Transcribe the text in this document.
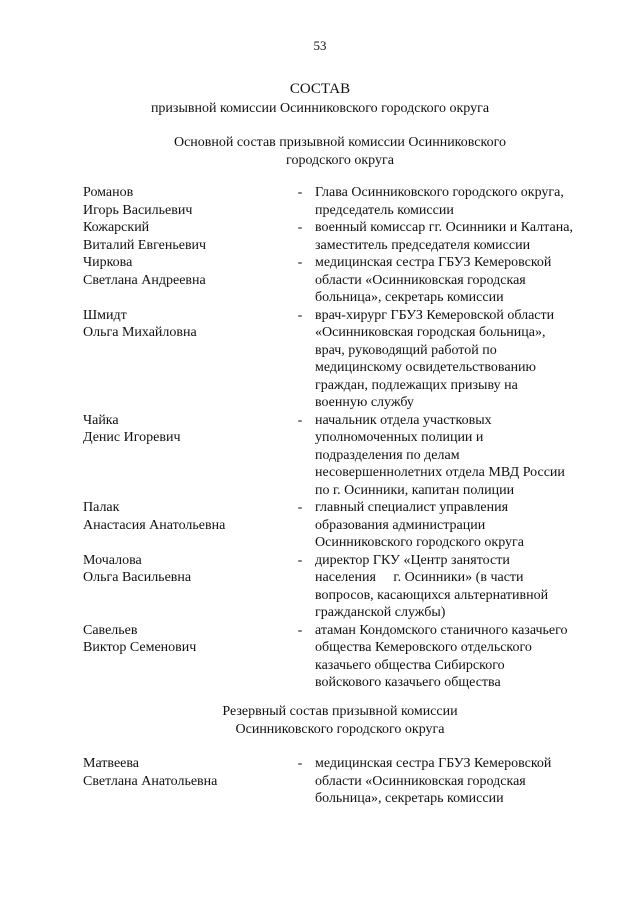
53
СОСТАВ
призывной комиссии Осинниковского городского округа
Основной состав призывной комиссии Осинниковского
городского округа
Романов
Игорь Васильевич
- Глава Осинниковского городского округа,
председатель комиссии
Кожарский
Виталий Евгеньевич
- военный комиссар гг. Осинники и Калтана,
заместитель председателя комиссии
Чиркова
Светлана Андреевна
- медицинская сестра ГБУЗ Кемеровской
области «Осинниковская городская
больница», секретарь комиссии
Шмидт
Ольга Михайловна
- врач-хирург ГБУЗ Кемеровской области
«Осинниковская городская больница»,
врач, руководящий работой по
медицинскому освидетельствованию
граждан, подлежащих призыву на
военную службу
Чайка
Денис Игоревич
- начальник отдела участковых
уполномоченных полиции и
подразделения по делам
несовершеннолетних отдела МВД России
по г. Осинники, капитан полиции
Палак
Анастасия Анатольевна
- главный специалист управления
образования администрации
Осинниковского городского округа
Мочалова
Ольга Васильевна
- директор ГКУ «Центр занятости
населения     г. Осинники» (в части
вопросов, касающихся альтернативной
гражданской службы)
Савельев
Виктор Семенович
- атаман Кондомского станичного казачьего
общества Кемеровского отдельского
казачьего общества Сибирского
войскового казачьего общества
Резервный состав призывной комиссии
Осинниковского городского округа
Матвеева
Светлана Анатольевна
- медицинская сестра ГБУЗ Кемеровской
области «Осинниковская городская
больница», секретарь комиссии
